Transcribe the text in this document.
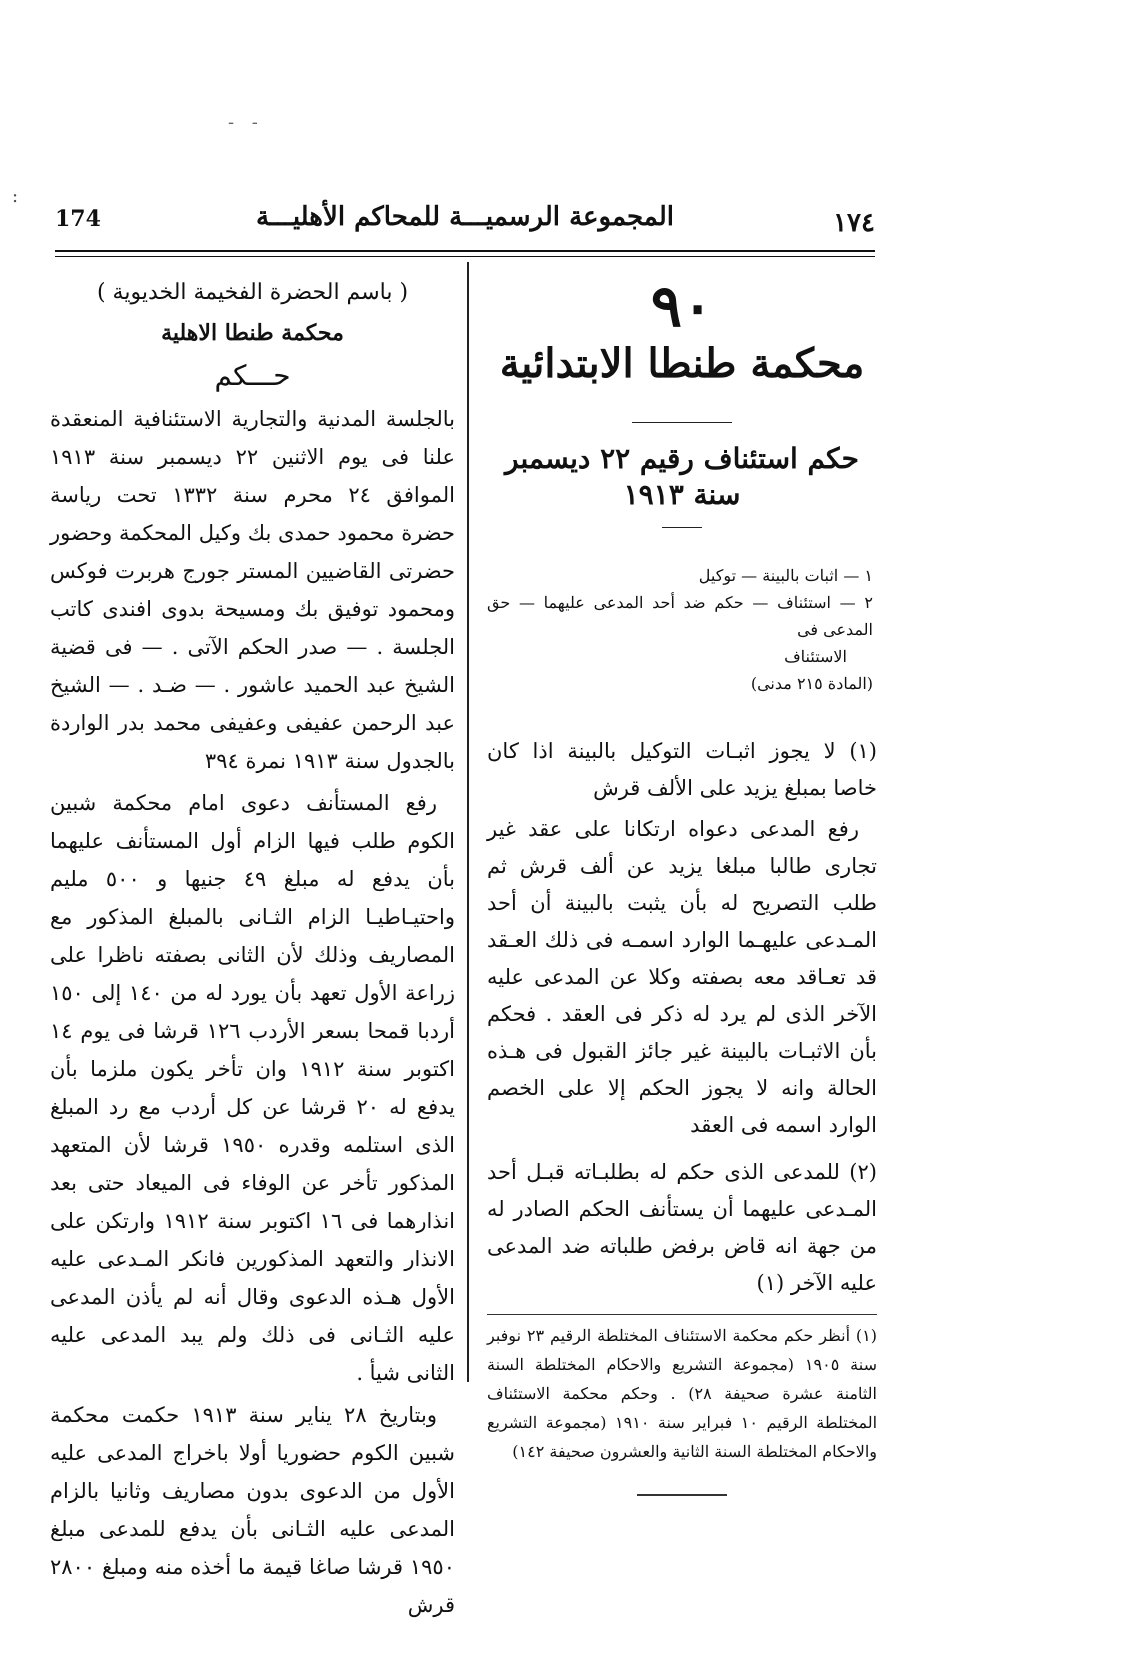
- -
:
١٧٤
المجموعة الرسميـــة للمحاكم الأهليـــة
174
٩٠
محكمة طنطا الابتدائية
حكم استئناف رقيم ٢٢ ديسمبر سنة ١٩١٣
١ — اثبات بالبينة — توكيل
٢ — استئناف — حكم ضد أحد المدعى عليهما — حق المدعى فى
الاستئناف
(المادة ٢١٥ مدنى)
(١) لا يجوز اثبـات التوكيل بالبينة اذا كان خاصا بمبلغ يزيد على الألف قرش

رفع المدعى دعواه ارتكانا على عقد غير تجارى طالبا مبلغا يزيد عن ألف قرش ثم طلب التصريح له بأن يثبت بالبينة أن أحد المـدعى عليهـما الوارد اسمـه فى ذلك العـقد قد تعـاقد معه بصفته وكلا عن المدعى عليه الآخر الذى لم يرد له ذكر فى العقد . فحكم بأن الاثبـات بالبينة غير جائز القبول فى هـذه الحالة وانه لا يجوز الحكم إلا على الخصم الوارد اسمه فى العقد

(٢) للمدعى الذى حكم له بطلبـاته قبـل أحد المـدعى عليهما أن يستأنف الحكم الصادر له من جهة انه قاض برفض طلباته ضد المدعى عليه الآخر (١)
(١) أنظر حكم محكمة الاستئناف المختلطة الرقيم ٢٣ نوفبر سنة ١٩٠٥ (مجموعة التشريع والاحكام المختلطة السنة الثامنة عشرة صحيفة ٢٨) . وحكم محكمة الاستئناف المختلطة الرقيم ١٠ فبراير سنة ١٩١٠ (مجموعة التشريع والاحكام المختلطة السنة الثانية والعشرون صحيفة ١٤٢)
( باسم الحضرة الفخيمة الخديوية )
محكمة طنطا الاهلية
حـــكم

بالجلسة المدنية والتجارية الاستئنافية المنعقدة علنا فى يوم الاثنين ٢٢ ديسمبر سنة ١٩١٣ الموافق ٢٤ محرم سنة ١٣٣٢ تحت رياسة حضرة محمود حمدى بك وكيل المحكمة وحضور حضرتى القاضيين المستر جورج هربرت فوكس ومحمود توفيق بك ومسيحة بدوى افندى كاتب الجلسة . — صدر الحكم الآتى . — فى قضية الشيخ عبد الحميد عاشور . — ضـد . — الشيخ عبد الرحمن عفيفى وعفيفى محمد بدر الواردة بالجدول سنة ١٩١٣ نمرة ٣٩٤

رفع المستأنف دعوى امام محكمة شبين الكوم طلب فيها الزام أول المستأنف عليهما بأن يدفع له مبلغ ٤٩ جنيها و ٥٠٠ مليم واحتيـاطيـا الزام الثـانى بالمبلغ المذكور مع المصاريف وذلك لأن الثانى بصفته ناظرا على زراعة الأول تعهد بأن يورد له من ١٤٠ إلى ١٥٠ أردبا قمحا بسعر الأردب ١٢٦ قرشا فى يوم ١٤ اكتوبر سنة ١٩١٢ وان تأخر يكون ملزما بأن يدفع له ٢٠ قرشا عن كل أردب مع رد المبلغ الذى استلمه وقدره ١٩٥٠ قرشا لأن المتعهد المذكور تأخر عن الوفاء فى الميعاد حتى بعد انذارهما فى ١٦ اكتوبر سنة ١٩١٢ وارتكن على الانذار والتعهد المذكورين فانكر المـدعى عليه الأول هـذه الدعوى وقال أنه لم يأذن المدعى عليه الثـانى فى ذلك ولم يبد المدعى عليه الثانى شيأ .

وبتاريخ ٢٨ يناير سنة ١٩١٣ حكمت محكمة شبين الكوم حضوريا أولا باخراج المدعى عليه الأول من الدعوى بدون مصاريف وثانيا بالزام المدعى عليه الثـانى بأن يدفع للمدعى مبلغ ١٩٥٠ قرشا صاغا قيمة ما أخذه منه ومبلغ ٢٨٠٠ قرش
